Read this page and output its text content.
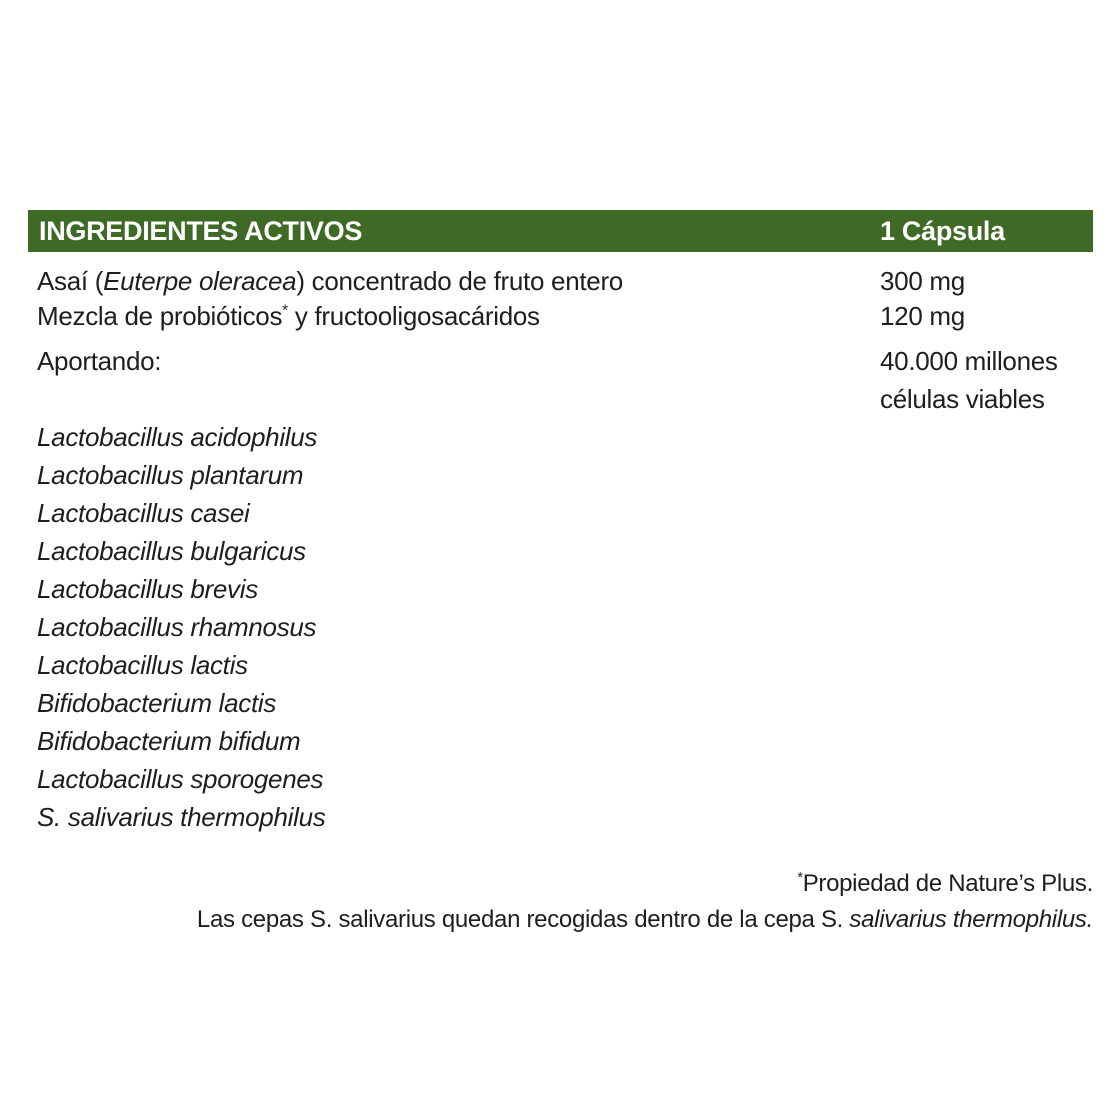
INGREDIENTES ACTIVOS	1 Cápsula
Asaí (Euterpe oleracea) concentrado de fruto entero	300 mg
Mezcla de probióticos* y fructooligosacáridos	120 mg
Aportando:	40.000 millones
células viables
Lactobacillus acidophilus
Lactobacillus plantarum
Lactobacillus casei
Lactobacillus bulgaricus
Lactobacillus brevis
Lactobacillus rhamnosus
Lactobacillus lactis
Bifidobacterium lactis
Bifidobacterium bifidum
Lactobacillus sporogenes
S. salivarius thermophilus
*Propiedad de Nature’s Plus.
Las cepas S. salivarius quedan recogidas dentro de la cepa S. salivarius thermophilus.
